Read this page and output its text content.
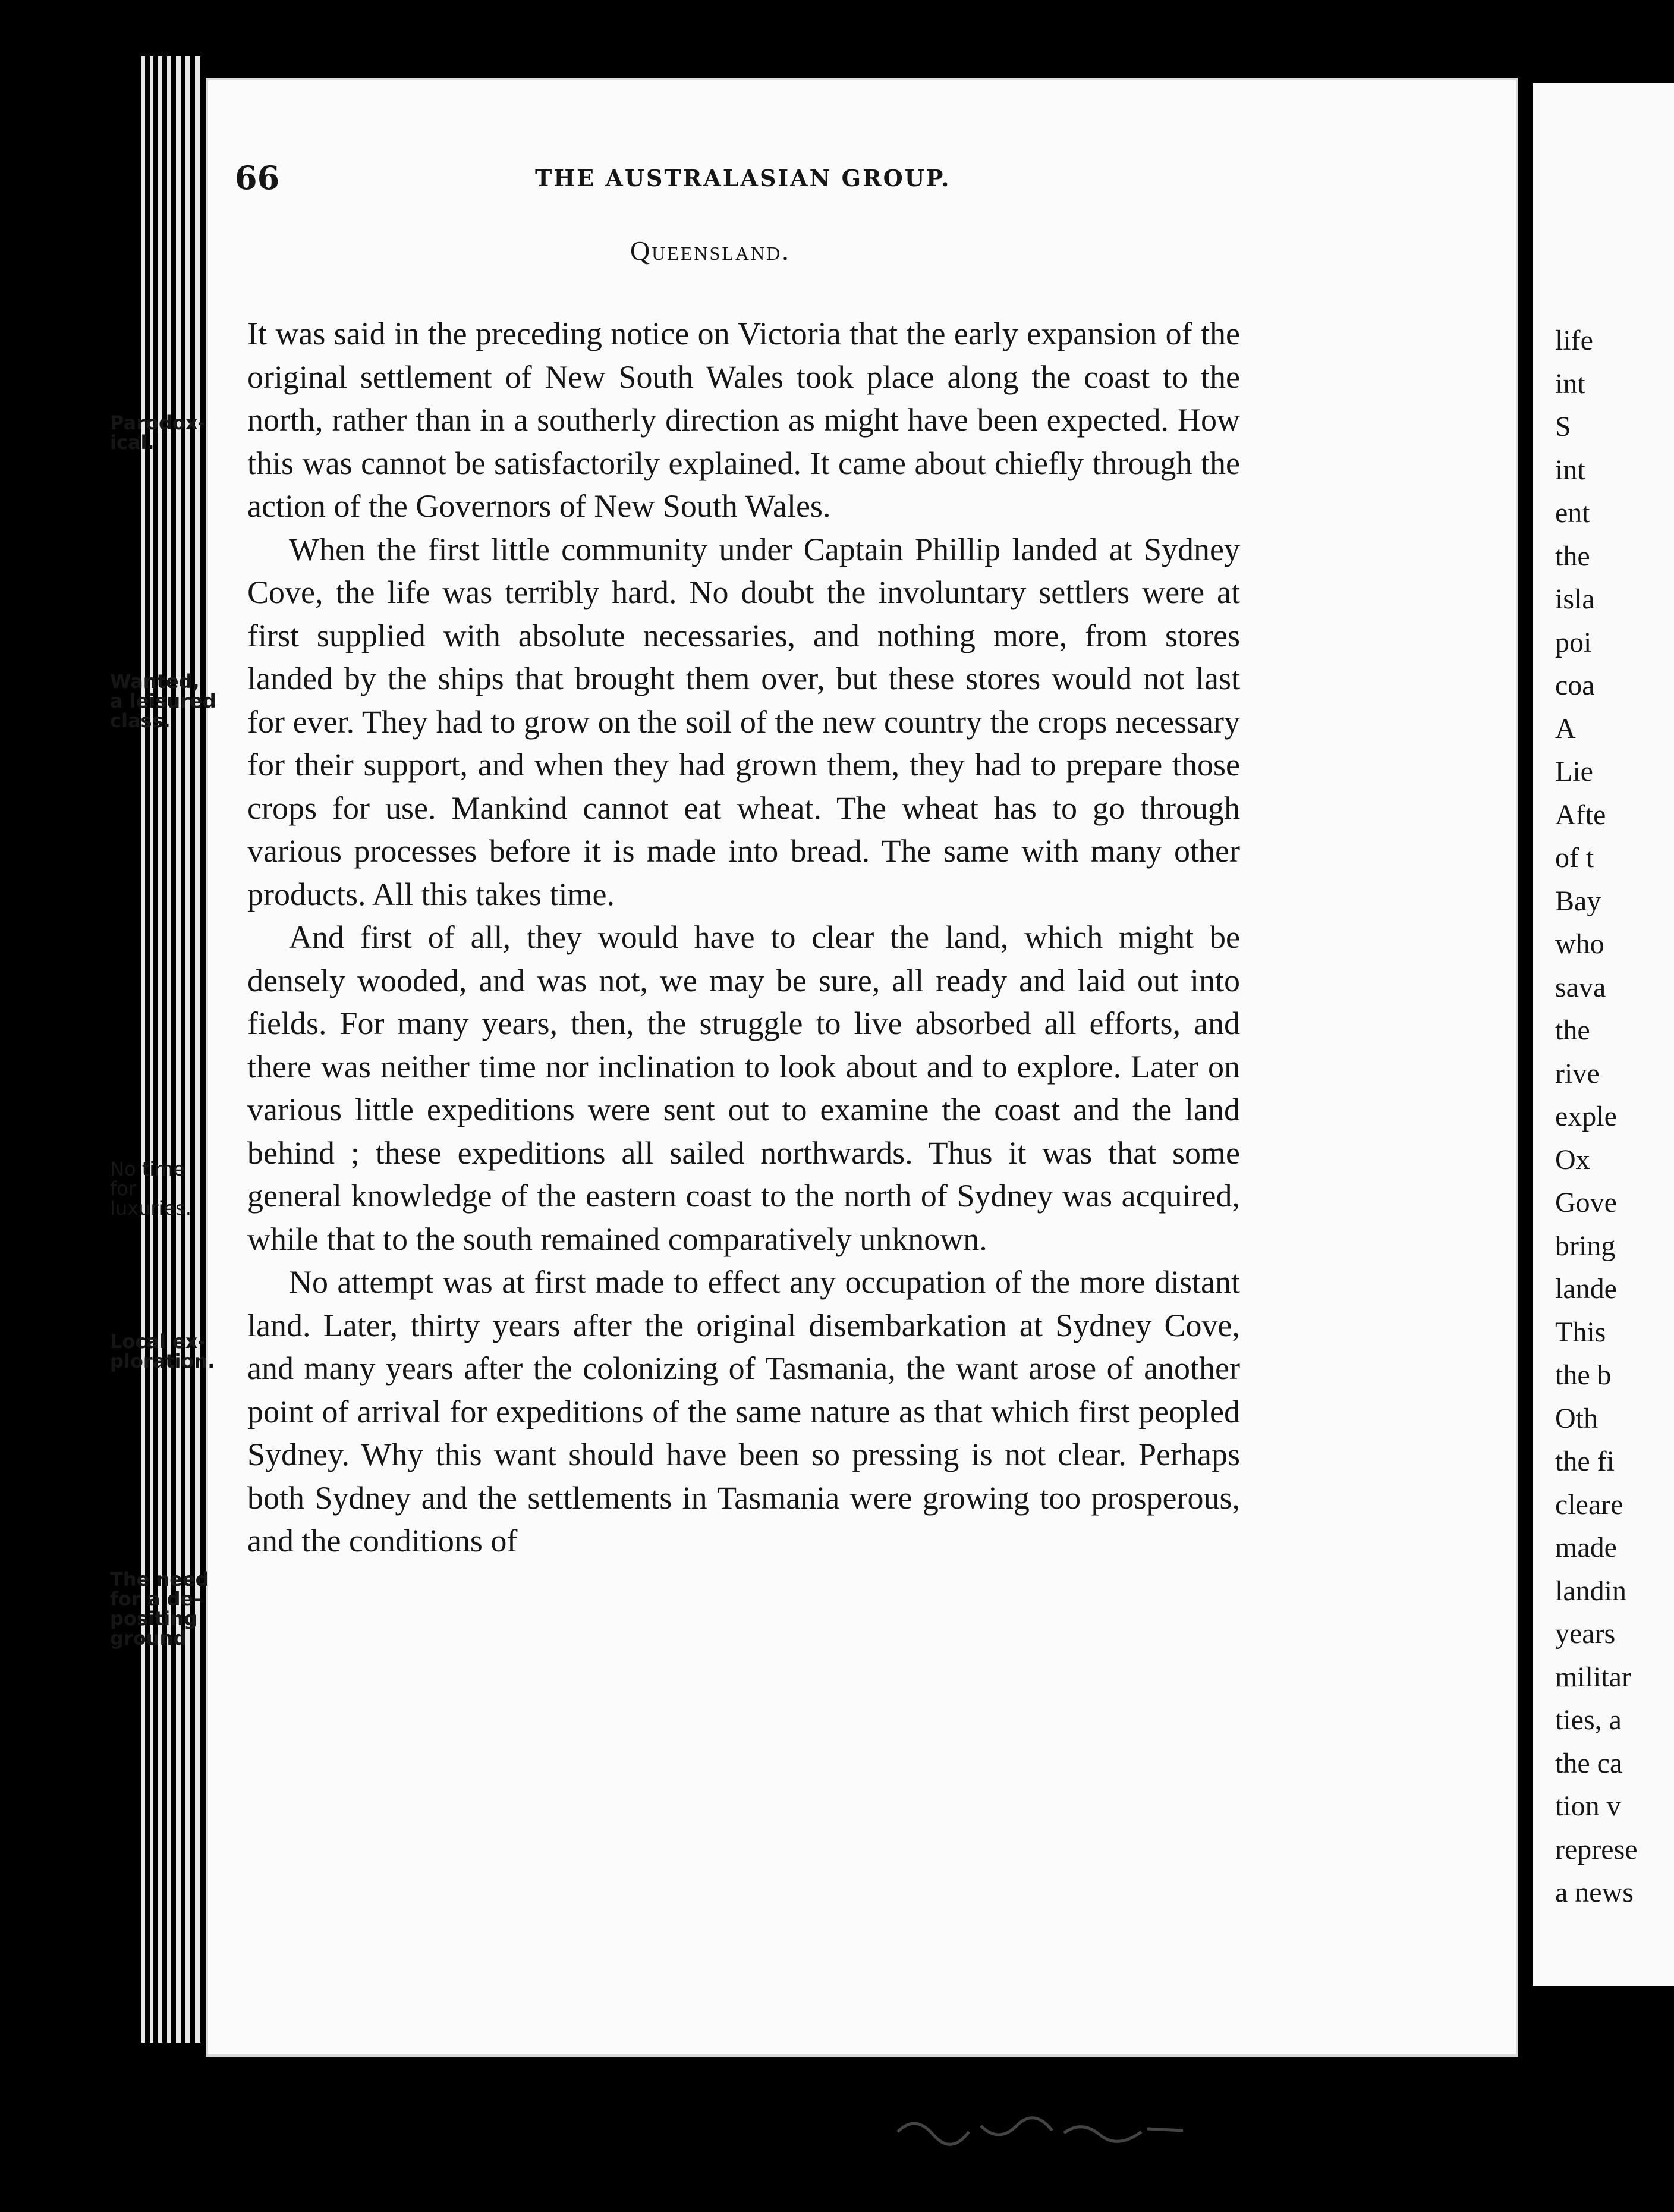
life
int
S
int
ent
the
isla
poi
coa
A
Lie
Afte
of t
Bay
who
sava
the
rive
exple
Ox
Gove
bring
lande
This
the b
Oth
the fi
cleare
made
landin
years
militar
ties, a
the ca
tion v
represe
a news
66	THE AUSTRALASIAN GROUP.
Queensland.
Parodox-
ical.
Wanted,
a leisured
class.
No time
for
luxuries.
Local ex-
ploration.
The need
for a de-
positing
ground

It was said in the preceding notice on Victoria that the early expansion of the original settlement of New South Wales took place along the coast to the north, rather than in a southerly direction as might have been expected. How this was cannot be satisfactorily explained. It came about chiefly through the action of the Governors of New South Wales.

When the first little community under Captain Phillip landed at Sydney Cove, the life was terribly hard. No doubt the involuntary settlers were at first supplied with absolute necessaries, and nothing more, from stores landed by the ships that brought them over, but these stores would not last for ever. They had to grow on the soil of the new country the crops necessary for their support, and when they had grown them, they had to prepare those crops for use. Mankind cannot eat wheat. The wheat has to go through various processes before it is made into bread. The same with many other products. All this takes time.

And first of all, they would have to clear the land, which might be densely wooded, and was not, we may be sure, all ready and laid out into fields. For many years, then, the struggle to live absorbed all efforts, and there was neither time nor inclination to look about and to explore. Later on various little expeditions were sent out to examine the coast and the land behind ; these expeditions all sailed northwards. Thus it was that some general knowledge of the eastern coast to the north of Sydney was acquired, while that to the south remained comparatively unknown.

No attempt was at first made to effect any occupation of the more distant land. Later, thirty years after the original disembarkation at Sydney Cove, and many years after the colonizing of Tasmania, the want arose of another point of arrival for expeditions of the same nature as that which first peopled Sydney. Why this want should have been so pressing is not clear. Perhaps both Sydney and the settlements in Tasmania were growing too prosperous, and the conditions of
